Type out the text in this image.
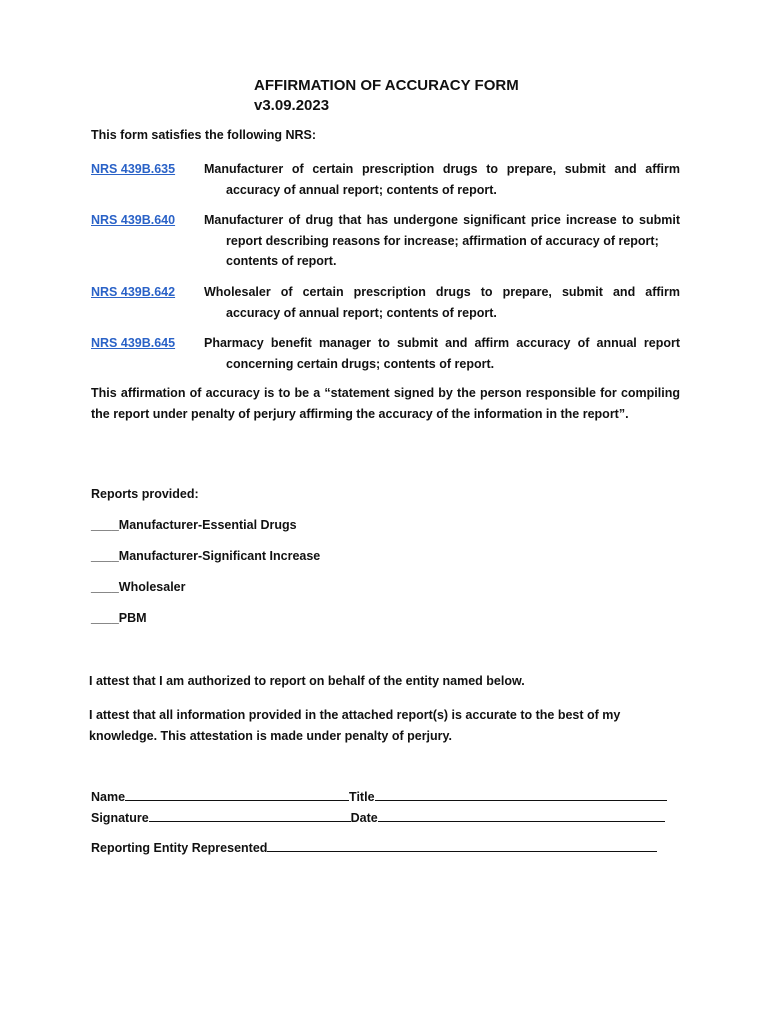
AFFIRMATION OF ACCURACY FORM
v3.09.2023
This form satisfies the following NRS:
NRS 439B.635 Manufacturer of certain prescription drugs to prepare, submit and affirm
accuracy of annual report; contents of report.
NRS 439B.640 Manufacturer of drug that has undergone significant price increase to submit
report describing reasons for increase; affirmation of accuracy of report; contents of report.
NRS 439B.642 Wholesaler of certain prescription drugs to prepare, submit and affirm
accuracy of annual report; contents of report.
NRS 439B.645 Pharmacy benefit manager to submit and affirm accuracy of annual report
concerning certain drugs; contents of report.
This affirmation of accuracy is to be a “statement signed by the person responsible for compiling the report under penalty of perjury affirming the accuracy of the information in the report”.
Reports provided:
____Manufacturer-Essential Drugs
____Manufacturer-Significant Increase
____Wholesaler
____PBM
I attest that I am authorized to report on behalf of the entity named below.
I attest that all information provided in the attached report(s) is accurate to the best of my knowledge. This attestation is made under penalty of perjury.
Name	Title
Signature	Date
Reporting Entity Represented
